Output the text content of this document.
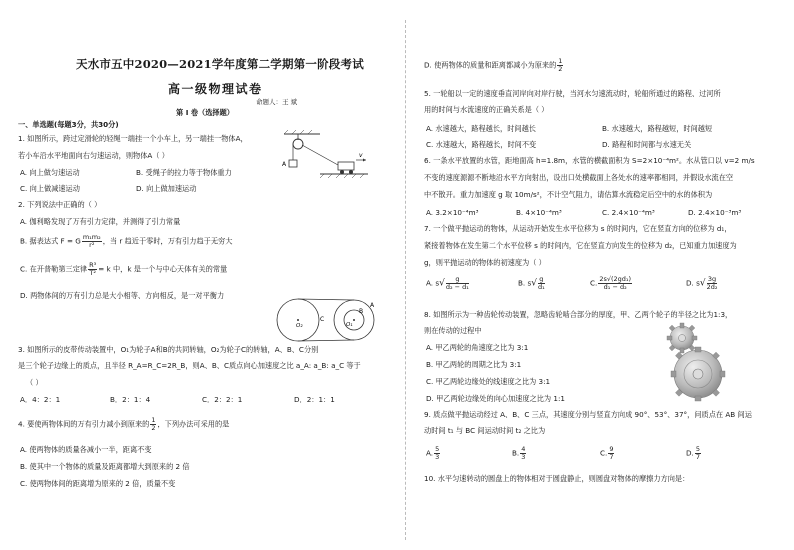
天水市五中2020—2021学年度第二学期第一阶段考试
高一级物理试卷
命题人：王 斌
第 I 卷（选择题）
一、单选题(每题3分，共30分)
1. 如图所示，跨过定滑轮的轻绳一端挂一个小车上，另一端挂一物体A，
若小车沿水平地面向右匀速运动，则物体A（ ）
A. 向上做匀速运动	B. 受绳子的拉力等于物体重力
C. 向上做减速运动	D. 向上做加速运动
A
v
2. 下列说法中正确的（ ）
A. 伽利略发现了万有引力定律，并测得了引力常量
B. 据表达式 F = G $\frac{\text{m₁m₂}}{\text{r²}}$ ，当 r 趋近于零时，万有引力趋于无穷大
C. 在开普勒第三定律 $\frac{\text{R³}}{\text{T²}} = k$ 中，k 是一个与中心天体有关的常量
D. 两物体间的万有引力总是大小相等、方向相反，是一对平衡力
O₂	O₁
C
B
A
3. 如图所示的皮带传动装置中，O₁为轮子A和B的共同转轴，O₂为轮子C的转轴，A、B、C分别
是三个轮子边缘上的质点，且半径 R_A=R_C=2R_B，则A、B、C质点向心加速度之比 a_A: a_B: a_C 等于
（ ）
A．4：2：1	B．2：1：4	C．2：2：1	D．2：1：1
4. 要使两物体间的万有引力减小到原来的 $\frac{1}{2}$ ，下列办法可采用的是
A. 使两物体的质量各减小一半，距离不变
B. 使其中一个物体的质量及距离都增大到原来的 2 倍
C. 使两物体间的距离增为原来的 2 倍，质量不变
D. 使两物体的质量和距离都减小为原来的 $\frac{1}{2}$
5. 一轮船以一定的速度垂直河岸向对岸行驶，当河水匀速流动时，轮船所通过的路程、过河所
用的时间与水流速度的正确关系是（ ）
A. 水速越大，路程越长，时间越长	B. 水速越大，路程越短，时间越短
C. 水速越大，路程越长，时间不变	D. 路程和时间都与水速无关
6. 一条水平放置的水管，距地面高 h=1.8m，水管的横截面积为 S=2×10⁻⁴m²。水从管口以 v=2 m/s
不变的速度源源不断地沿水平方向射出，设出口处横截面上各处水的速率都相同，并假设水流在空
中不散开。重力加速度 g 取 10m/s²，不计空气阻力，请估算水流稳定后空中的水的体积为
A. 3.2×10⁻⁴m³	B. 4×10⁻⁴m³	C. 2.4×10⁻⁴m³	D. 2.4×10⁻³m³
7. 一个做平抛运动的物体，从运动开始发生水平位移为 s 的时间内，它在竖直方向的位移为 d₁，
紧接着物体在发生第二个水平位移 s 的时间内，它在竖直方向发生的位移为 d₂，已知重力加速度为
g，则平抛运动的物体的初速度为（ ）
A. $s√ \frac{g}{\text{d₂ − d₁}}$	B. $s√ \frac{g}{\text{d₁}}$	C. $\frac{\text{2s√(2gd₁)}}{\text{d₁ − d₂}}$	D. $s√ \frac{3g}{\text{2d₂}}$
8. 如图所示为一种齿轮传动装置，忽略齿轮啮合部分的厚度，甲、乙两个轮子的半径之比为1:3，
则在传动的过程中
A. 甲乙两轮的角速度之比为 3:1
B. 甲乙两轮的周期之比为 3:1
C. 甲乙两轮边缘处的线速度之比为 3:1
D. 甲乙两轮边缘处的向心加速度之比为 1:1
9. 质点做平抛运动经过 A、B、C 三点，其速度分别与竖直方向成 90°、53°、37°，问质点在 AB 间运
动时间 t₁ 与 BC 间运动时间 t₂ 之比为
A. $\frac{5}{3}$	B. $\frac{4}{3}$	C. $\frac{9}{7}$	D. $\frac{5}{7}$
10. 水平匀速转动的圆盘上的物体相对于圆盘静止，则圆盘对物体的摩擦力方向是：
